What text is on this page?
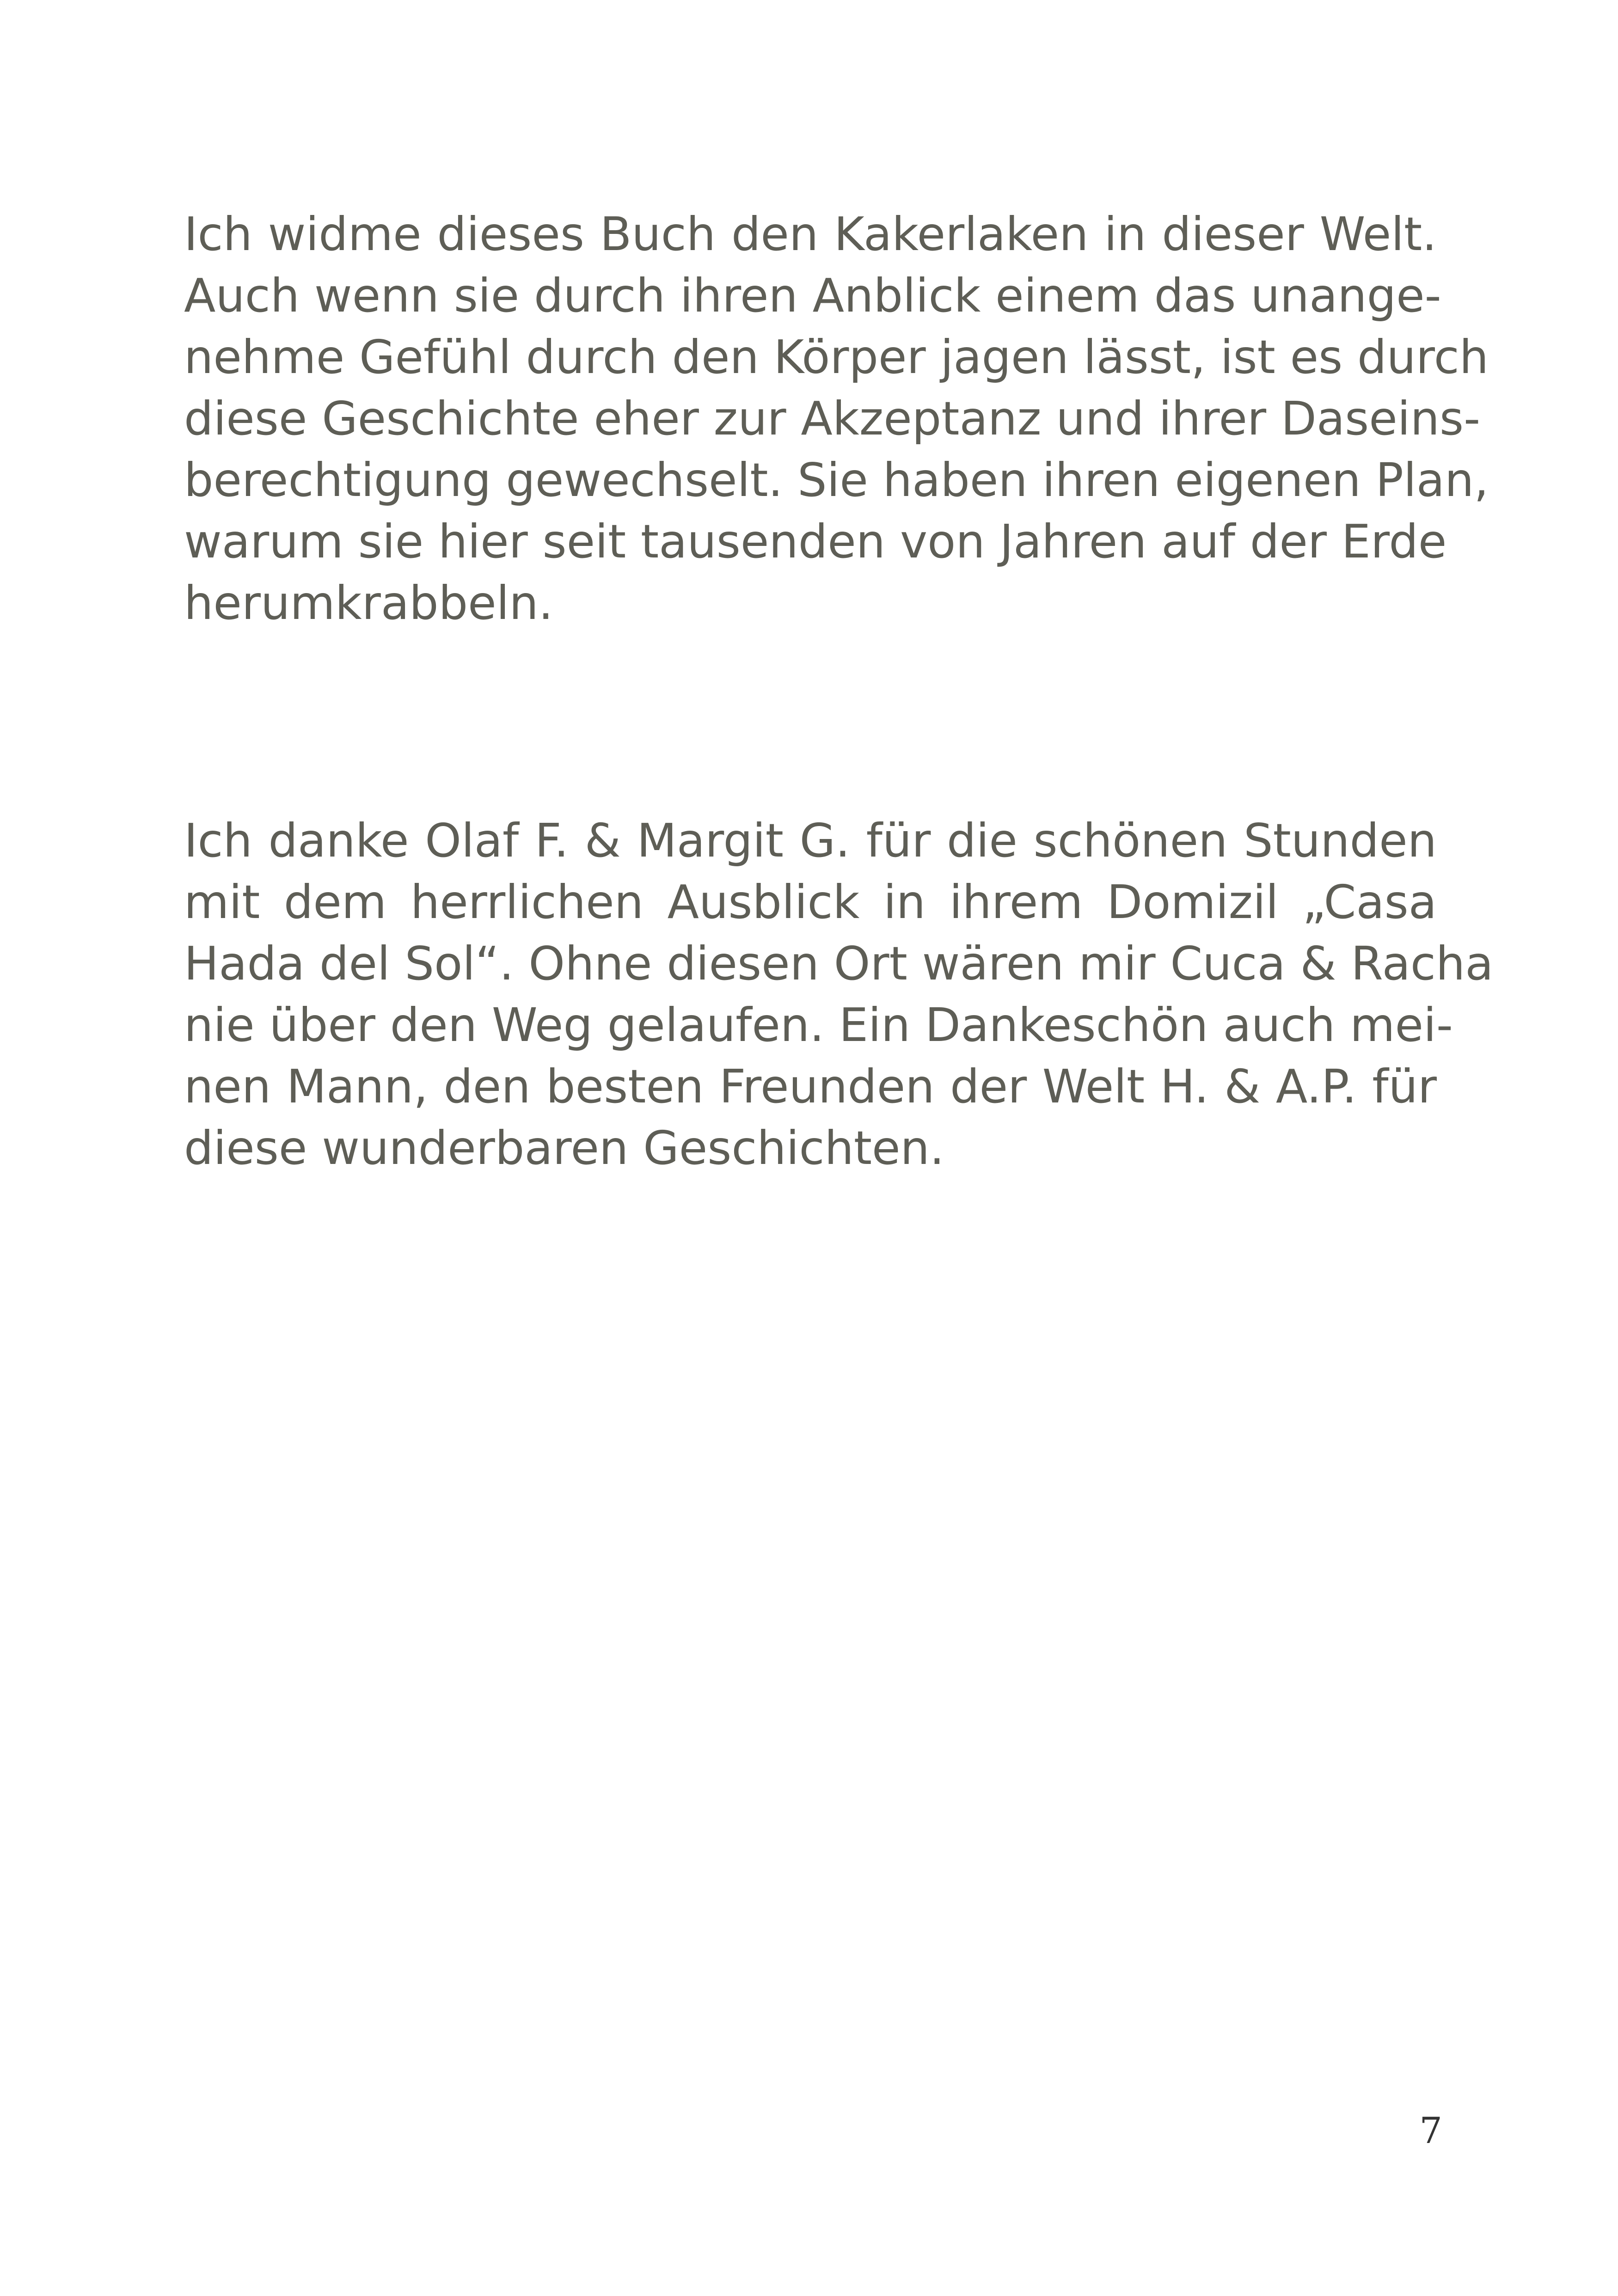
Ich widme dieses Buch den Kakerlaken in dieser Welt.
Auch wenn sie durch ihren Anblick einem das unange-
nehme Gefühl durch den Körper jagen lässt, ist es durch
diese Geschichte eher zur Akzeptanz und ihrer Daseins-
berechtigung gewechselt. Sie haben ihren eigenen Plan,
warum sie hier seit tausenden von Jahren auf der Erde
herumkrabbeln.
Ich danke Olaf F. & Margit G. für die schönen Stunden
mit dem herrlichen Ausblick in ihrem Domizil „Casa
Hada del Sol“. Ohne diesen Ort wären mir Cuca & Racha
nie über den Weg gelaufen. Ein Dankeschön auch mei-
nen Mann, den besten Freunden der Welt H. & A.P. für
diese wunderbaren Geschichten.
7
